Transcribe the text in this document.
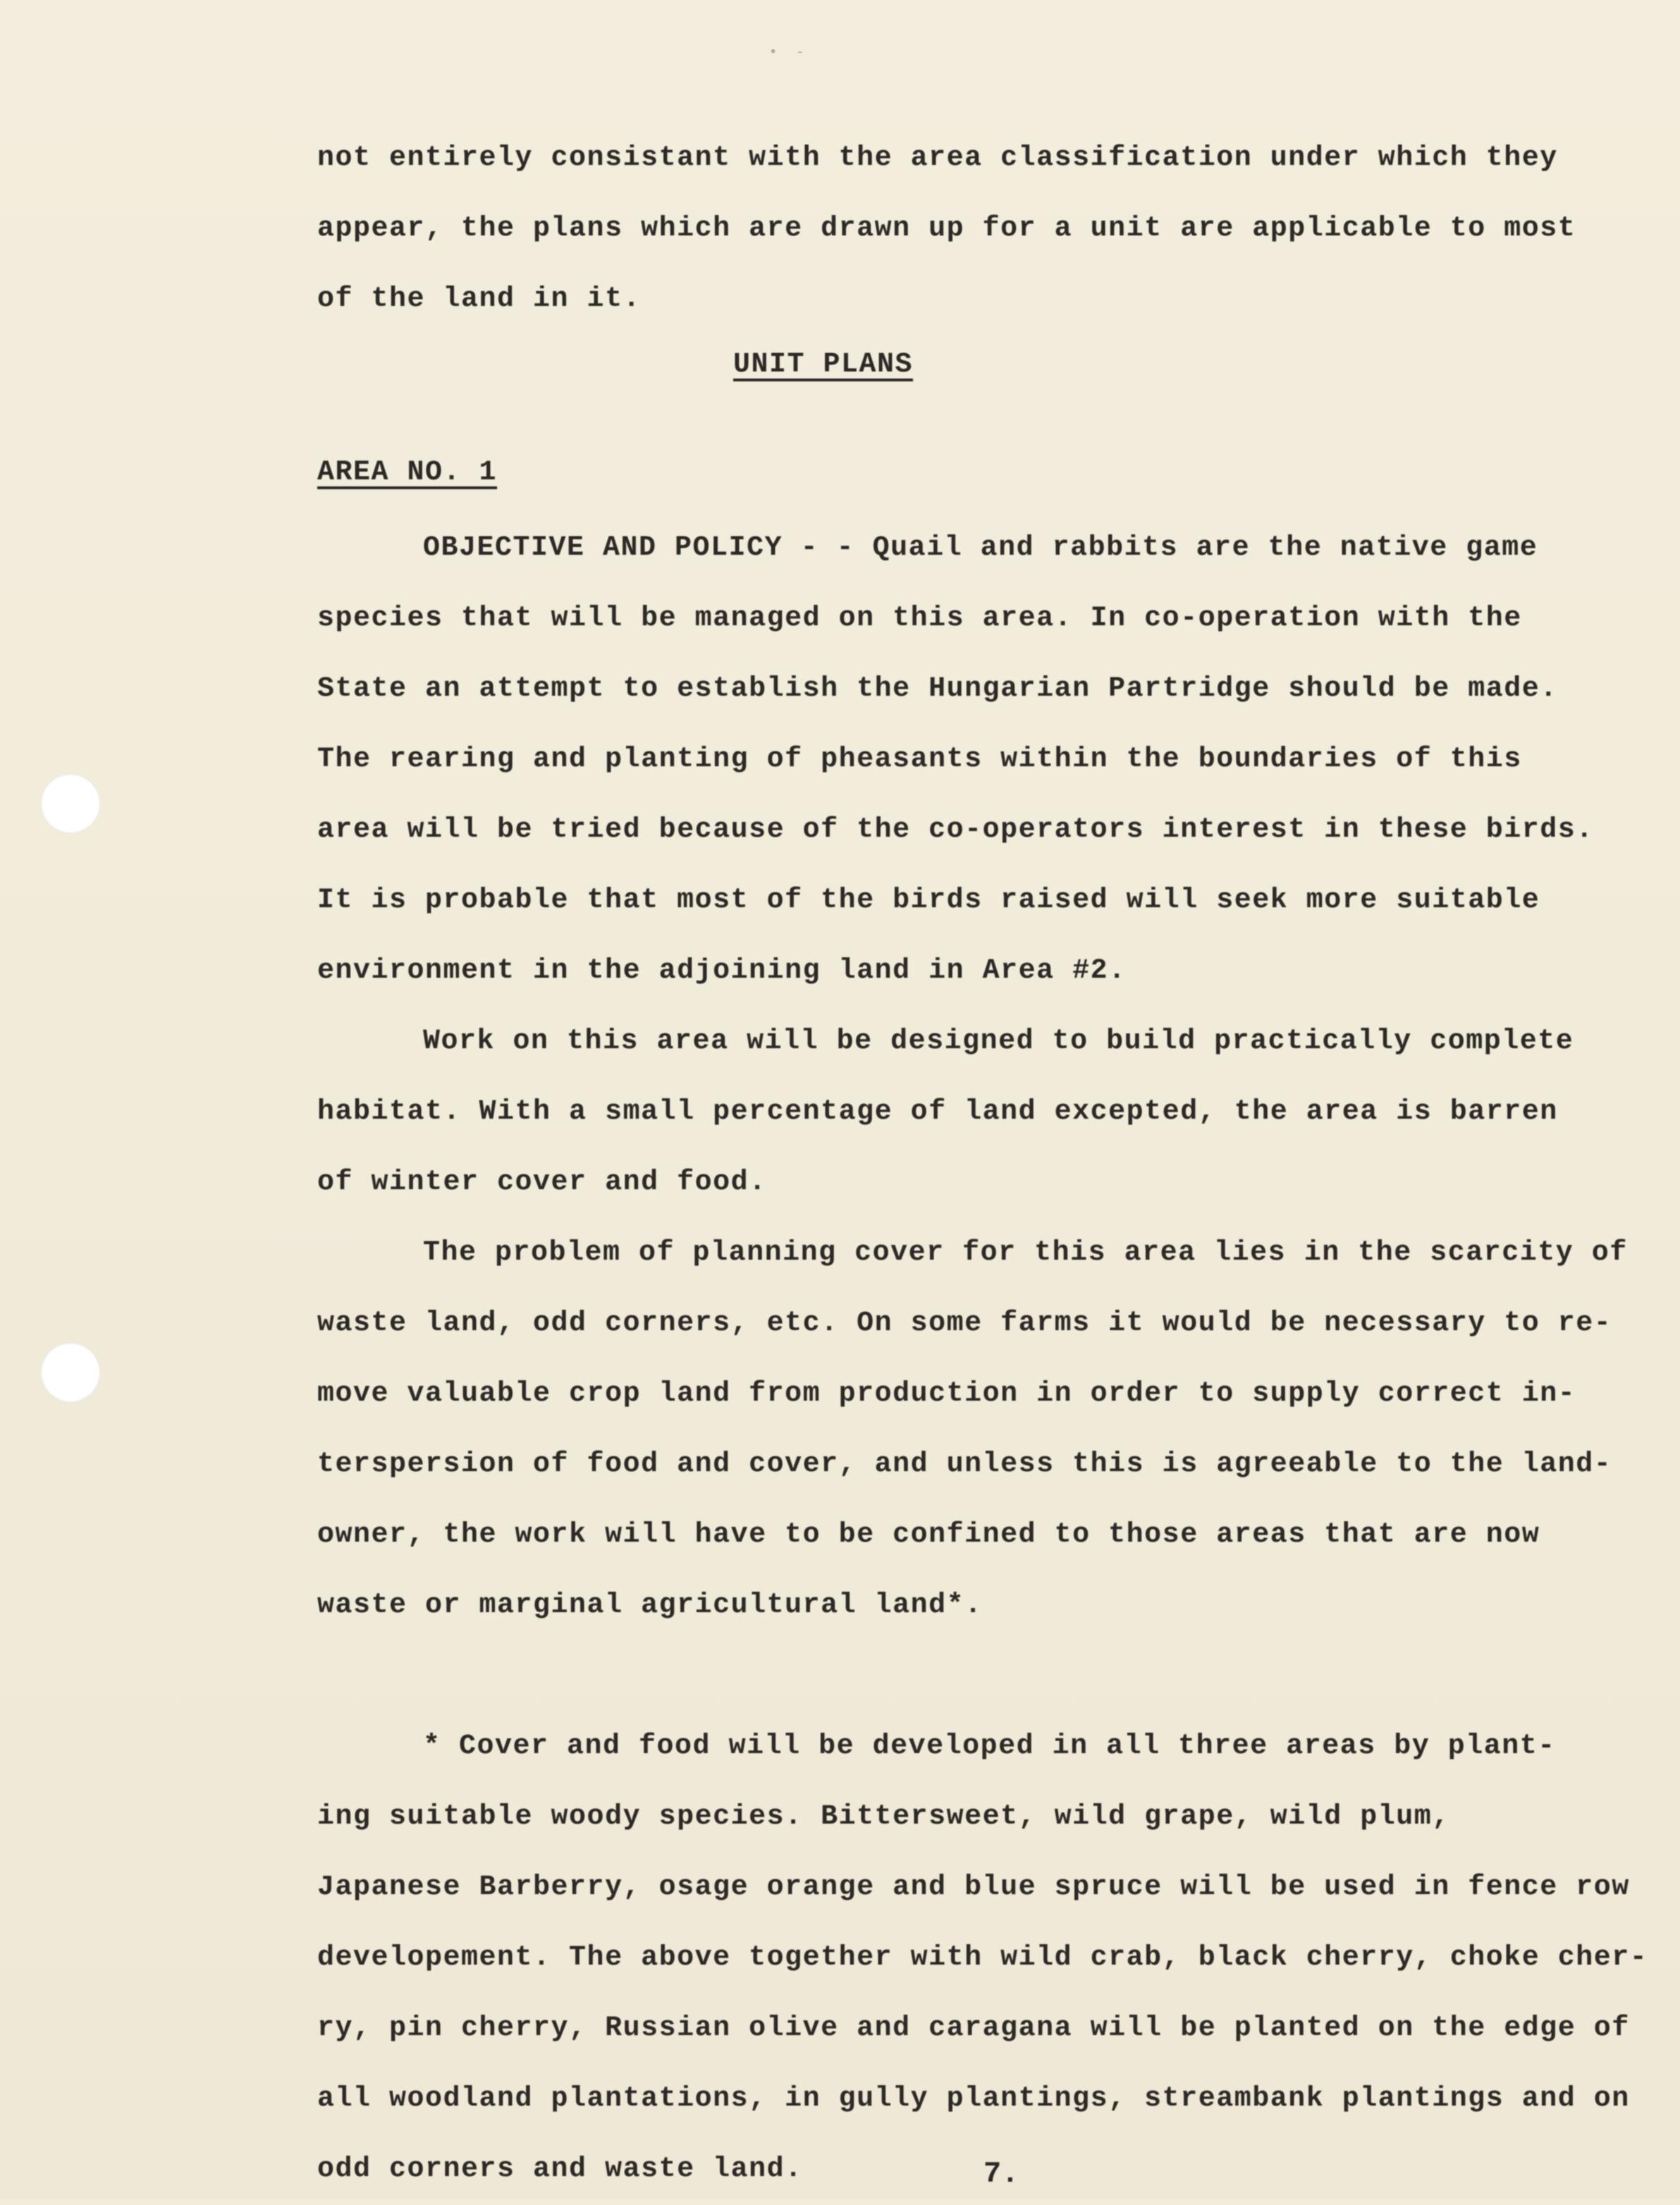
• -
not entirely consistant with the area classification under which they
appear, the plans which are drawn up for a unit are applicable to most
of the land in it.
UNIT PLANS
AREA NO. 1
OBJECTIVE AND POLICY - - Quail and rabbits are the native game
species that will be managed on this area. In co-operation with the
State an attempt to establish the Hungarian Partridge should be made.
The rearing and planting of pheasants within the boundaries of this
area will be tried because of the co-operators interest in these birds.
It is probable that most of the birds raised will seek more suitable
environment in the adjoining land in Area #2.
Work on this area will be designed to build practically complete
habitat. With a small percentage of land excepted, the area is barren
of winter cover and food.
The problem of planning cover for this area lies in the scarcity of
waste land, odd corners, etc. On some farms it would be necessary to re-
move valuable crop land from production in order to supply correct in-
terspersion of food and cover, and unless this is agreeable to the land-
owner, the work will have to be confined to those areas that are now
waste or marginal agricultural land*.
* Cover and food will be developed in all three areas by plant-
ing suitable woody species. Bittersweet, wild grape, wild plum,
Japanese Barberry, osage orange and blue spruce will be used in fence row
developement. The above together with wild crab, black cherry, choke cher-
ry, pin cherry, Russian olive and caragana will be planted on the edge of
all woodland plantations, in gully plantings, streambank plantings and on
odd corners and waste land.	7.
